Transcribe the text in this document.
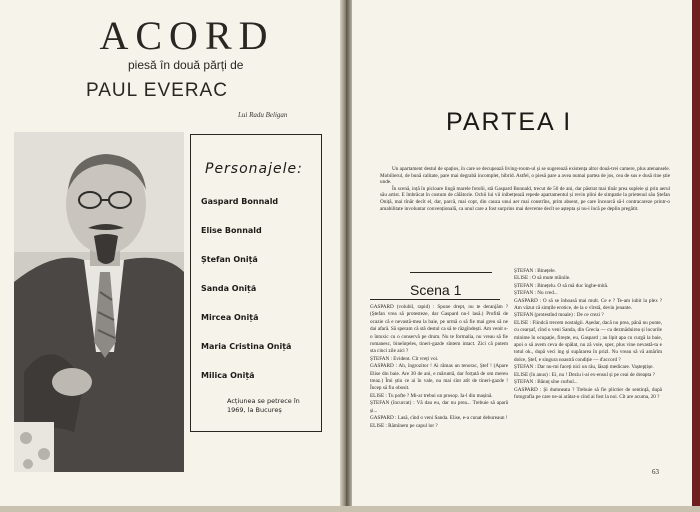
ACORD
piesă în două părți de
PAUL EVERAC
Lui Radu Beligan
Personajele:
Gaspard Bonnald
Elise Bonnald
Ștefan Oniță
Sanda Oniță
Mircea Oniță
Maria Cristina Oniță
Milica Oniță
Acțiunea se petrece în 1969, la Bucureș
PARTEA I

Un apartament destul de spațios, în care se decupează living-room-ul și se sugerează existența altor două-trei camere, plus atenansele. Mobilierul, de bună calitate, pare mai degrabă incomplet, hibrid. Astfel, o piesă pare a avea numai partea de jos, cea de sus e dusă rine știe unde.

În scenă, ință în picioare lingă marele fotolii, stă Gaspard Bonnald, trecut de 50 de ani, dar păstrat mai tînăr prea supleie și prin aerul său artist. E îmbrăcat în costum de călătorie. Ochii lui vii inibetțează repede apartamentul și revin plini de simpatie la prietenul său Ștefan Oniță, mai tînăr decît el, dar, parcă, mai copt, din cauza unui aer mai constrîns, prim absent, pe care încearcă să-l contracareze printr-o amabilitate involuntar convențională, ca unul care a fost surprins mai devreme decît se aștepta și nu-i încă pe deplin pregătit.

Scena 1

GASPARD (volubil, rapid) : Spune drept, nu te deranjăm ? (Ștefan vrea să protesteze, dar Gaspard nu-l lasă.) Profită de ocazie că e nevastă-mea la baie, pe urmă o să fie mai greu să ne dai afară. Să speram că stă destul ca să te răzgîndești. Am venit s-o întoxic cu o conservă pe drum. Nu te formalia, nu vreau să fie romanesc, bineînțeles, tineri-gazde sîntem intact. Zici că putem sta cinci zile aici ?

ȘTEFAN : Evident. Cît vreți voi.

GASPARD : Ah, îngrozitor ! Ai rămas un tenorac, Ștef ! (Apare Elise din baie. Are 30 de ani, e măruntă, dar forțată de om mereu treaz.) Îmi știu ce ai în vale, nu mai sînt atît de tineri-gazde ! Încep să fiu obosit.

ELISE : Tu pofte ? Mi-ar trebui un prosop. Ia-l din mașină.

ȘTEFAN (încurcat) : Vă dau eu, dar nu prea... Trebuie să apară și...

GASPARD : Lasă, cînd o veni Sanda. Elise, e-a cunat debureaun !

ELISE : Rămînem pe capul lor ?

ȘTEFAN : Binețele.

ELISE : O să mute mîinile.

ȘTEFAN : Binețelu. O să mă duc înghe-mită.

ȘTEFAN : Nu cred...

GASPARD : O să se înhoasă mai mult. Ce e ? Te-am iubit la plex ? Am văzut că simțile erotice, de la o vîrstă, devin jenante.

ȘTEFAN (protestînd moale) : De ce crezi ?

ELISE : Fiindcă trecem nostalgii. Aședar, dacă nu prea, până nu ponte, cu cearșaf, cînd o veni Sanda, din Grecia — cu dezmăduirea și locurile minime în ocupație, firește, eu, Gaspard ; au lipit apa cu curgă la baie, apoi o să avem ceva de spălat, nu ză voie, sper, plus vine nevastă-ta e totul ok., după veci ing și supărarea în prizl. Nu vreau să vă amărîm dolce, Ștef, e singura noastră condiție — d'accord ?

ȘTEFAN : Dar nu-mi faceți nici un rău, lăsați medicare. Vaștepțișe.

ELISE (în anus) : Ei, nu ! Deziu i-ai ex-ensul și pe ceai de dreapta ?

ȘTEFAN : Bănuț sîne curbul...

GASPARD : Și dumneata ? Trebuie să fie plictier de sentință, după fotografia pe care ne-ai arătat-o cînd ai fost la noi. Cît are acuma, 20 ?

63
